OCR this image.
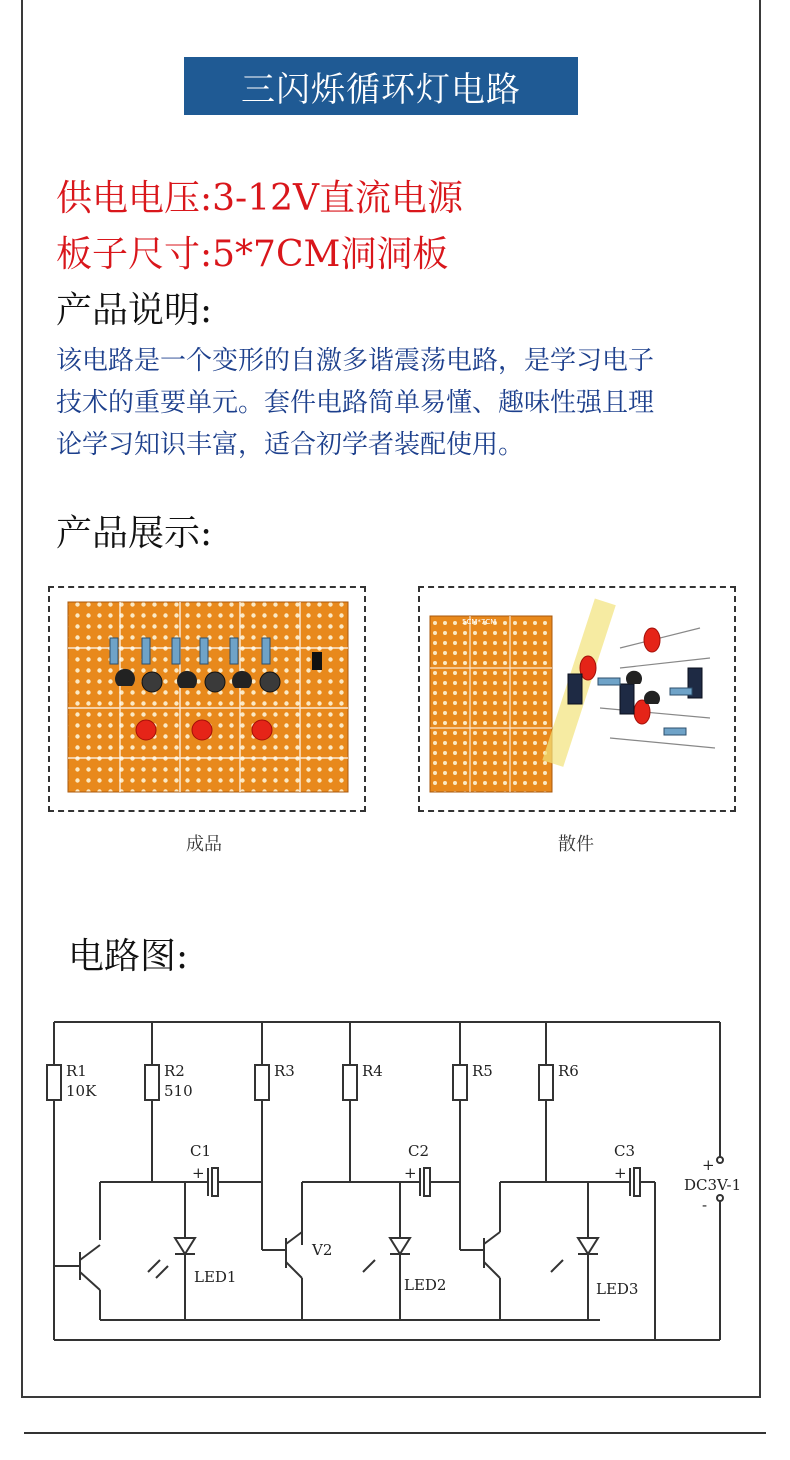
三闪烁循环灯电路
供电电压:3-12V直流电源
板子尺寸:5*7CM洞洞板
产品说明:
该电路是一个变形的自激多谐震荡电路，是学习电子
技术的重要单元。套件电路简单易懂、趣味性强且理
论学习知识丰富，适合初学者装配使用。
产品展示:
成品
5CM*7CM
散件
电路图:
R1
10K
R2
510
R3	R4	R5	R6
C1	C2	C3
V2
LED1	LED2	LED3
DC3V-1
+
-
+	+	+
